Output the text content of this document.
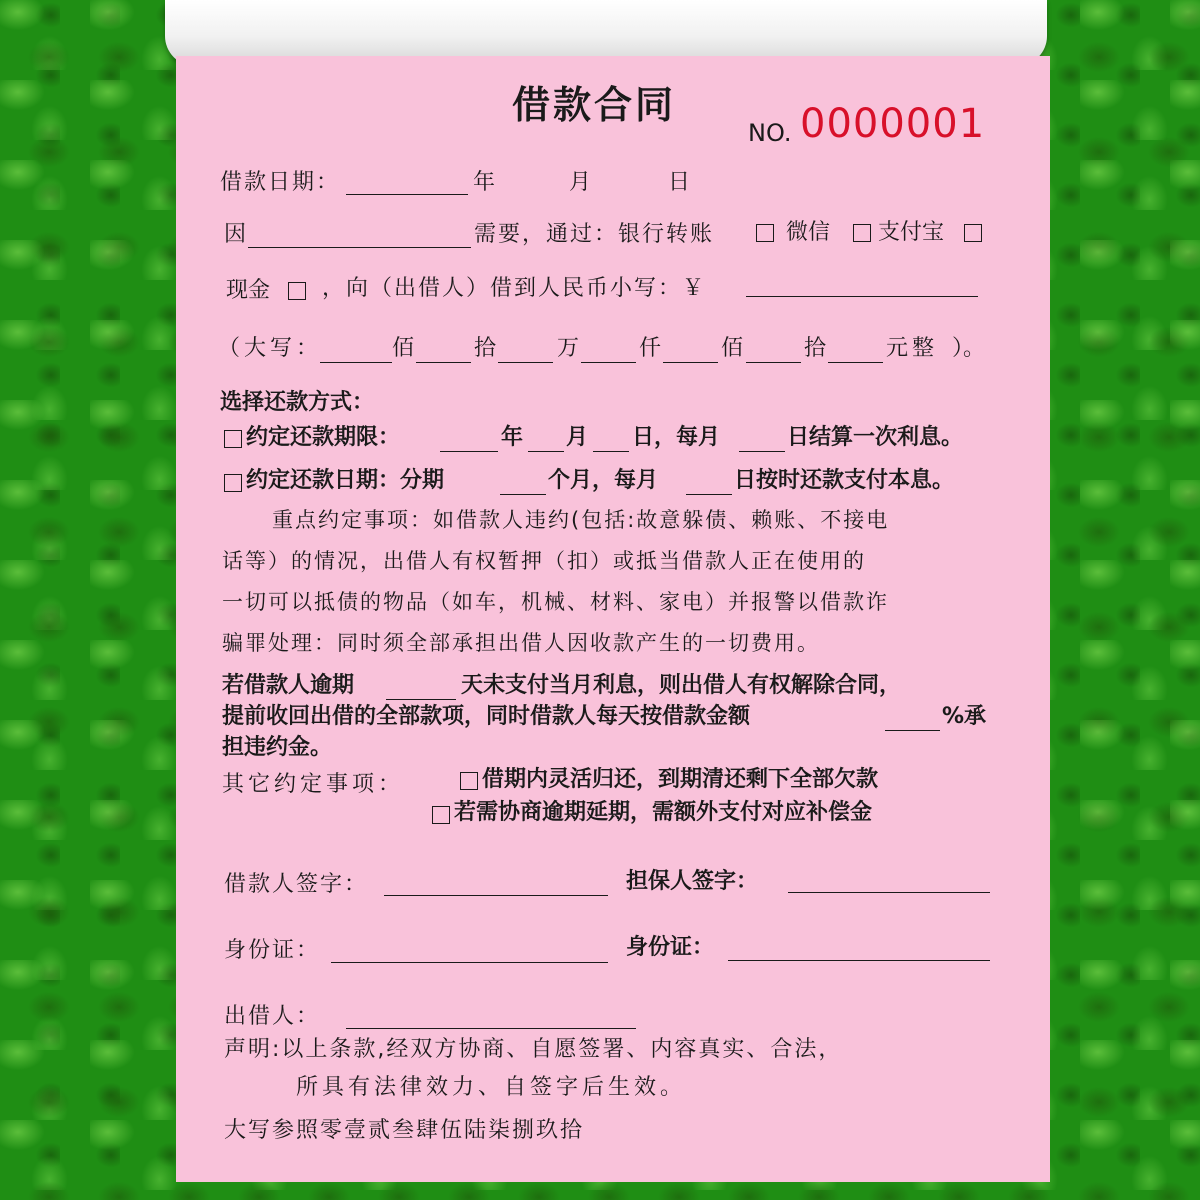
借款合同
NO. 0000001
借款日期：	年	月	日
因	需要，通过：银行转账	微信 支付宝
现金 ，向（出借人）借到人民币小写：￥
（大写：	佰	拾	万	仟	佰	拾	元整 ）。
选择还款方式：
约定还款期限：	年 月 日，每月	日结算一次利息。
约定还款日期：分期	个月，每月	日按时还款支付本息。
重点约定事项：如借款人违约(包括:故意躲债、赖账、不接电
话等）的情况，出借人有权暂押（扣）或抵当借款人正在使用的
一切可以抵债的物品（如车，机械、材料、家电）并报警以借款诈
骗罪处理：同时须全部承担出借人因收款产生的一切费用。
若借款人逾期	天未支付当月利息，则出借人有权解除合同，
提前收回出借的全部款项，同时借款人每天按借款金额	%承
担违约金。
其它约定事项：	借期内灵活归还，到期清还剩下全部欠款
若需协商逾期延期，需额外支付对应补偿金
借款人签字：	担保人签字：
身份证：	身份证：
出借人：
声明:以上条款,经双方协商、自愿签署、内容真实、合法，
所具有法律效力、自签字后生效。
大写参照零壹贰叁肆伍陆柒捌玖拾
